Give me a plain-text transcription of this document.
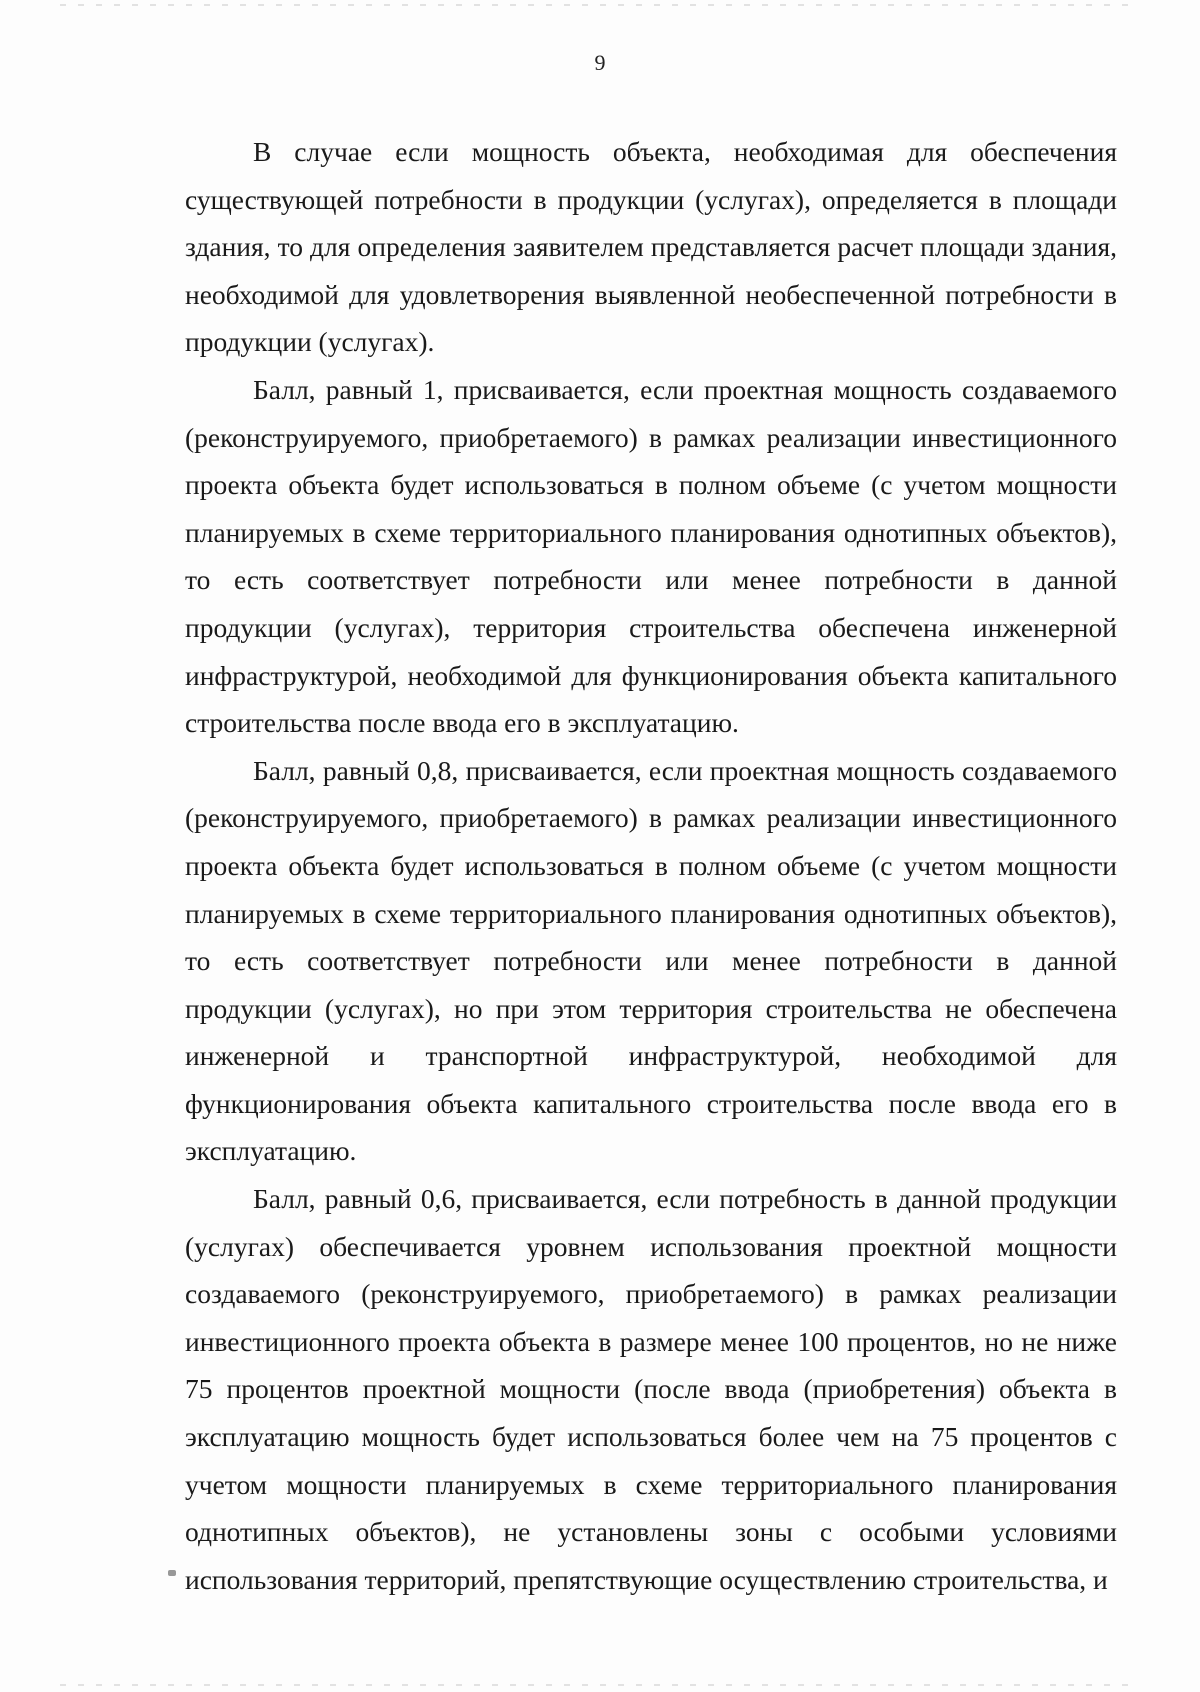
9

В случае если мощность объекта, необходимая для обеспечения существующей потребности в продукции (услугах), определяется в площади здания, то для определения заявителем представляется расчет площади здания, необходимой для удовлетворения выявленной необеспеченной потребности в продукции (услугах).

Балл, равный 1, присваивается, если проектная мощность создаваемого (реконструируемого, приобретаемого) в рамках реализации инвестиционного проекта объекта будет использоваться в полном объеме (с учетом мощности планируемых в схеме территориального планирования однотипных объектов), то есть соответствует потребности или менее потребности в данной продукции (услугах), территория строительства обеспечена инженерной инфраструктурой, необходимой для функционирования объекта капитального строительства после ввода его в эксплуатацию.

Балл, равный 0,8, присваивается, если проектная мощность создаваемого (реконструируемого, приобретаемого) в рамках реализации инвестиционного проекта объекта будет использоваться в полном объеме (с учетом мощности планируемых в схеме территориального планирования однотипных объектов), то есть соответствует потребности или менее потребности в данной продукции (услугах), но при этом территория строительства не обеспечена инженерной и транспортной инфраструктурой, необходимой для функционирования объекта капитального строительства после ввода его в эксплуатацию.

Балл, равный 0,6, присваивается, если потребность в данной продукции (услугах) обеспечивается уровнем использования проектной мощности создаваемого (реконструируемого, приобретаемого) в рамках реализации инвестиционного проекта объекта в размере менее 100 процентов, но не ниже 75 процентов проектной мощности (после ввода (приобретения) объекта в эксплуатацию мощность будет использоваться более чем на 75 процентов с учетом мощности планируемых в схеме территориального планирования однотипных объектов), не установлены зоны с особыми условиями использования территорий, препятствующие осуществлению строительства, и
